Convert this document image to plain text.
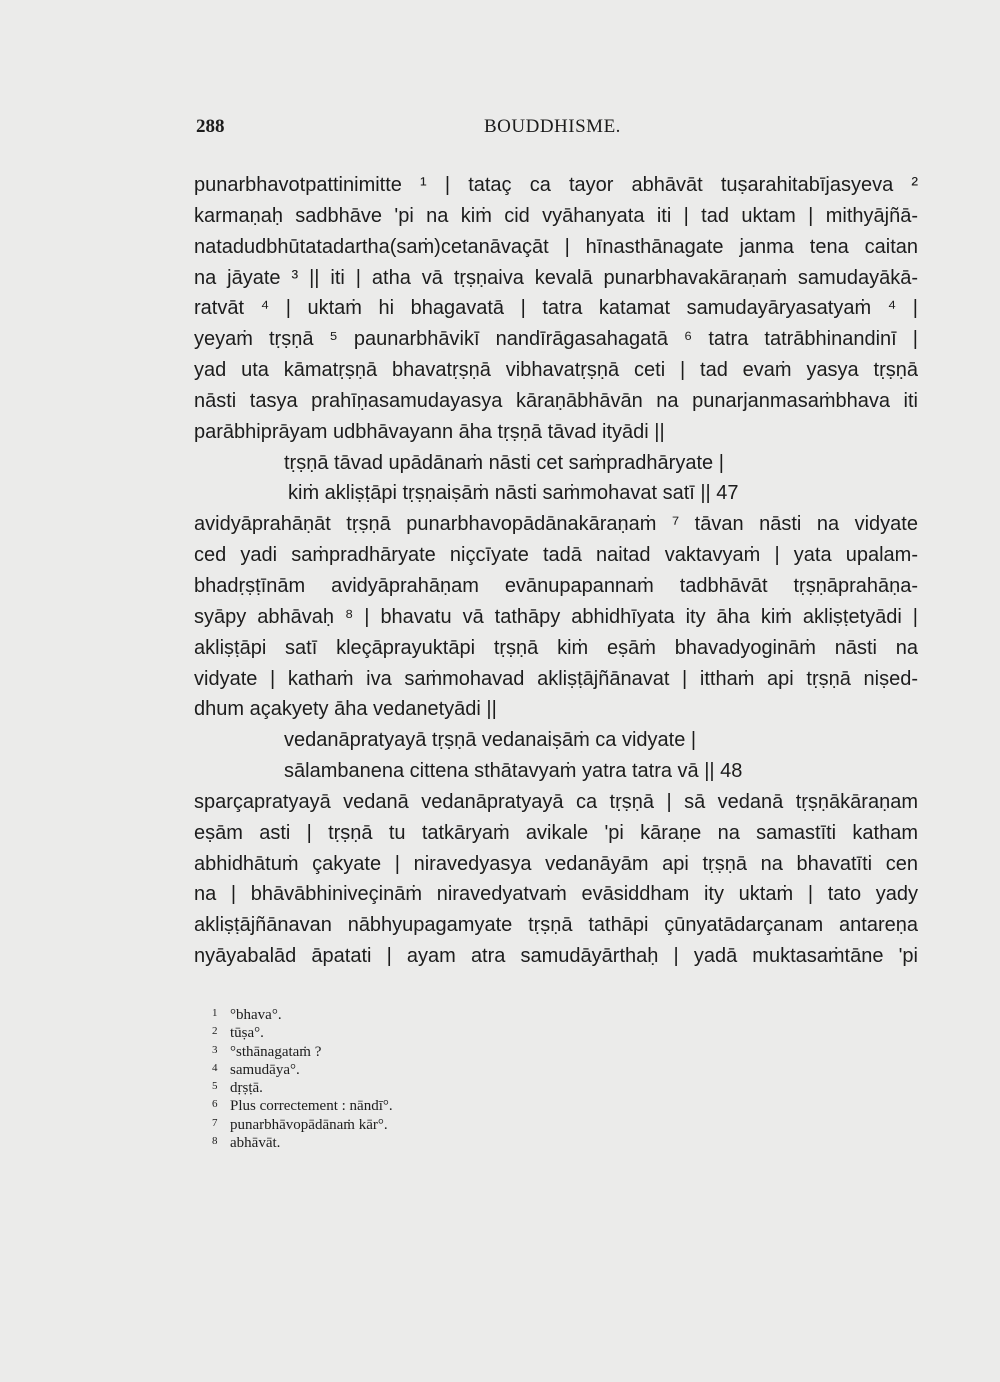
288	BOUDDHISME.
punarbhavotpattinimitte ¹ | tataç ca tayor abhāvāt tuṣarahitabījasyeva ²
karmaṇaḥ sadbhāve 'pi na kiṁ cid vyāhanyata iti | tad uktam | mithyājñā-
natadudbhūtatadartha(saṁ)cetanāvaçāt | hīnasthānagate janma tena caitan
na jāyate ³ || iti | atha vā tṛṣṇaiva kevalā punarbhavakāraṇaṁ samudayākā-
ratvāt ⁴ | uktaṁ hi bhagavatā | tatra katamat samudayāryasatyaṁ ⁴ |
yeyaṁ tṛṣṇā ⁵ paunarbhāvikī nandīrāgasahagatā ⁶ tatra tatrābhinandinī |
yad uta kāmatṛṣṇā bhavatṛṣṇā vibhavatṛṣṇā ceti | tad evaṁ yasya tṛṣṇā
nāsti tasya prahīṇasamudayasya kāraṇābhāvān na punarjanmasaṁbhava iti
parābhiprāyam udbhāvayann āha tṛṣṇā tāvad ityādi ||
tṛṣṇā tāvad upādānaṁ nāsti cet saṁpradhāryate |
kiṁ akliṣṭāpi tṛṣṇaiṣāṁ nāsti saṁmohavat satī || 47
avidyāprahāṇāt tṛṣṇā punarbhavopādānakāraṇaṁ ⁷ tāvan nāsti na vidyate
ced yadi saṁpradhāryate niçcīyate tadā naitad vaktavyaṁ | yata upalam-
bhadṛṣṭīnām avidyāprahāṇam evānupapannaṁ tadbhāvāt tṛṣṇāprahāṇa-
syāpy abhāvaḥ ⁸ | bhavatu vā tathāpy abhidhīyata ity āha kiṁ akliṣṭetyādi |
akliṣṭāpi satī kleçāprayuktāpi tṛṣṇā kiṁ eṣāṁ bhavadyogināṁ nāsti na
vidyate | kathaṁ iva saṁmohavad akliṣṭājñānavat | itthaṁ api tṛṣṇā niṣed-
dhum açakyety āha vedanetyādi ||
vedanāpratyayā tṛṣṇā vedanaiṣāṁ ca vidyate |
sālambanena cittena sthātavyaṁ yatra tatra vā || 48
sparçapratyayā vedanā vedanāpratyayā ca tṛṣṇā | sā vedanā tṛṣṇākāraṇam
eṣām asti | tṛṣṇā tu tatkāryaṁ avikale 'pi kāraṇe na samastīti katham
abhidhātuṁ çakyate | niravedyasya vedanāyām api tṛṣṇā na bhavatīti cen
na | bhāvābhiniveçināṁ niravedyatvaṁ evāsiddham ity uktaṁ | tato yady
akliṣṭājñānavan nābhyupagamyate tṛṣṇā tathāpi çūnyatādarçanam antareṇa
nyāyabalād āpatati | ayam atra samudāyārthaḥ | yadā muktasaṁtāne 'pi
1 °bhava°.
2 tūṣa°.
3 °sthānagataṁ ?
4 samudāya°.
5 dṛṣṭā.
6 Plus correctement : nāndī°.
7 punarbhāvopādānaṁ kār°.
8 abhāvāt.
